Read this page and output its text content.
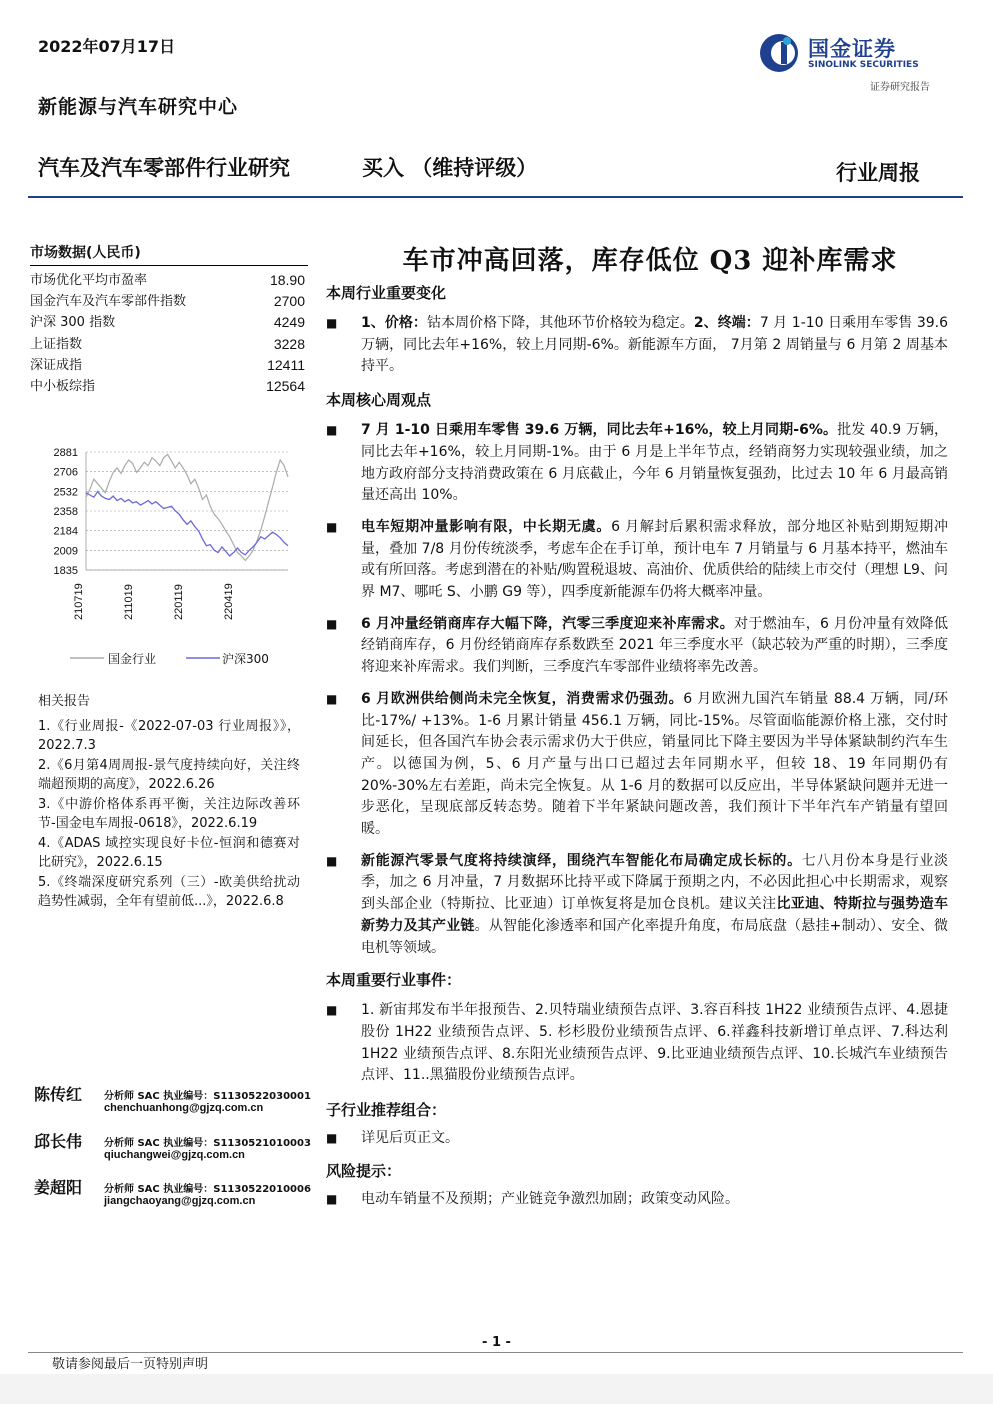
2022年07月17日
新能源与汽车研究中心
国金证券
SINOLINK SECURITIES
证券研究报告
汽车及汽车零部件行业研究	买入 （维持评级）	行业周报
市场数据(人民币)
市场优化平均市盈率	18.90
国金汽车及汽车零部件指数	2700
沪深 300 指数	4249
上证指数	3228
深证成指	12411
中小板综指	12564
2881
2706
2532
2358
2184
2009
1835
210719	211019	220119	220419
国金行业	沪深300
相关报告
1.《行业周报-《2022-07-03 行业周报》》，2022.7.3
2.《6月第4周周报-景气度持续向好，关注终端超预期的高度》，2022.6.26
3.《中游价格体系再平衡，关注边际改善环节-国金电车周报-0618》，2022.6.19
4.《ADAS 域控实现良好卡位-恒润和德赛对比研究》，2022.6.15
5.《终端深度研究系列（三）-欧美供给扰动趋势性减弱，全年有望前低...》，2022.6.8
陈传红 分析师 SAC 执业编号：S1130522030001
chenchuanhong@gjzq.com.cn
邱长伟 分析师 SAC 执业编号：S1130521010003
qiuchangwei@gjzq.com.cn
姜超阳 分析师 SAC 执业编号：S1130522010006
jiangchaoyang@gjzq.com.cn
车市冲高回落，库存低位 Q3 迎补库需求
本周行业重要变化
■ 1、价格：钴本周价格下降，其他环节价格较为稳定。2、终端：7 月 1-10 日乘用车零售 39.6 万辆，同比去年+16%，较上月同期-6%。新能源车方面， 7月第 2 周销量与 6 月第 2 周基本持平。
本周核心周观点
■ 7 月 1-10 日乘用车零售 39.6 万辆，同比去年+16%，较上月同期-6%。批发 40.9 万辆，同比去年+16%，较上月同期-1%。由于 6 月是上半年节点，经销商努力实现较强业绩，加之地方政府部分支持消费政策在 6 月底截止，今年 6 月销量恢复强劲，比过去 10 年 6 月最高销量还高出 10%。
■ 电车短期冲量影响有限，中长期无虞。6 月解封后累积需求释放，部分地区补贴到期短期冲量，叠加 7/8 月份传统淡季，考虑车企在手订单，预计电车 7 月销量与 6 月基本持平，燃油车或有所回落。考虑到潜在的补贴/购置税退坡、高油价、优质供给的陆续上市交付（理想 L9、问界 M7、哪吒 S、小鹏 G9 等），四季度新能源车仍将大概率冲量。
■ 6 月冲量经销商库存大幅下降，汽零三季度迎来补库需求。对于燃油车，6 月份冲量有效降低经销商库存，6 月份经销商库存系数跌至 2021 年三季度水平（缺芯较为严重的时期），三季度将迎来补库需求。我们判断，三季度汽车零部件业绩将率先改善。
■ 6 月欧洲供给侧尚未完全恢复，消费需求仍强劲。6 月欧洲九国汽车销量 88.4 万辆，同/环比-17%/ +13%。1-6 月累计销量 456.1 万辆，同比-15%。尽管面临能源价格上涨，交付时间延长，但各国汽车协会表示需求仍大于供应，销量同比下降主要因为半导体紧缺制约汽车生产。以德国为例，5、6 月产量与出口已超过去年同期水平，但较 18、19 年同期仍有 20%-30%左右差距，尚未完全恢复。从 1-6 月的数据可以反应出，半导体紧缺问题并无进一步恶化，呈现底部反转态势。随着下半年紧缺问题改善，我们预计下半年汽车产销量有望回暖。
■ 新能源汽零景气度将持续演绎，围绕汽车智能化布局确定成长标的。七八月份本身是行业淡季，加之 6 月冲量，7 月数据环比持平或下降属于预期之内，不必因此担心中长期需求，观察到头部企业（特斯拉、比亚迪）订单恢复将是加仓良机。建议关注比亚迪、特斯拉与强势造车新势力及其产业链。从智能化渗透率和国产化率提升角度，布局底盘（悬挂+制动）、安全、微电机等领域。
本周重要行业事件：
■ 1. 新宙邦发布半年报预告、2.贝特瑞业绩预告点评、3.容百科技 1H22 业绩预告点评、4.恩捷股份 1H22 业绩预告点评、5. 杉杉股份业绩预告点评、6.祥鑫科技新增订单点评、7.科达利 1H22 业绩预告点评、8.东阳光业绩预告点评、9.比亚迪业绩预告点评、10.长城汽车业绩预告点评、11..黑猫股份业绩预告点评。
子行业推荐组合：
■ 详见后页正文。
风险提示：
■ 电动车销量不及预期；产业链竞争激烈加剧；政策变动风险。
- 1 -
敬请参阅最后一页特别声明
